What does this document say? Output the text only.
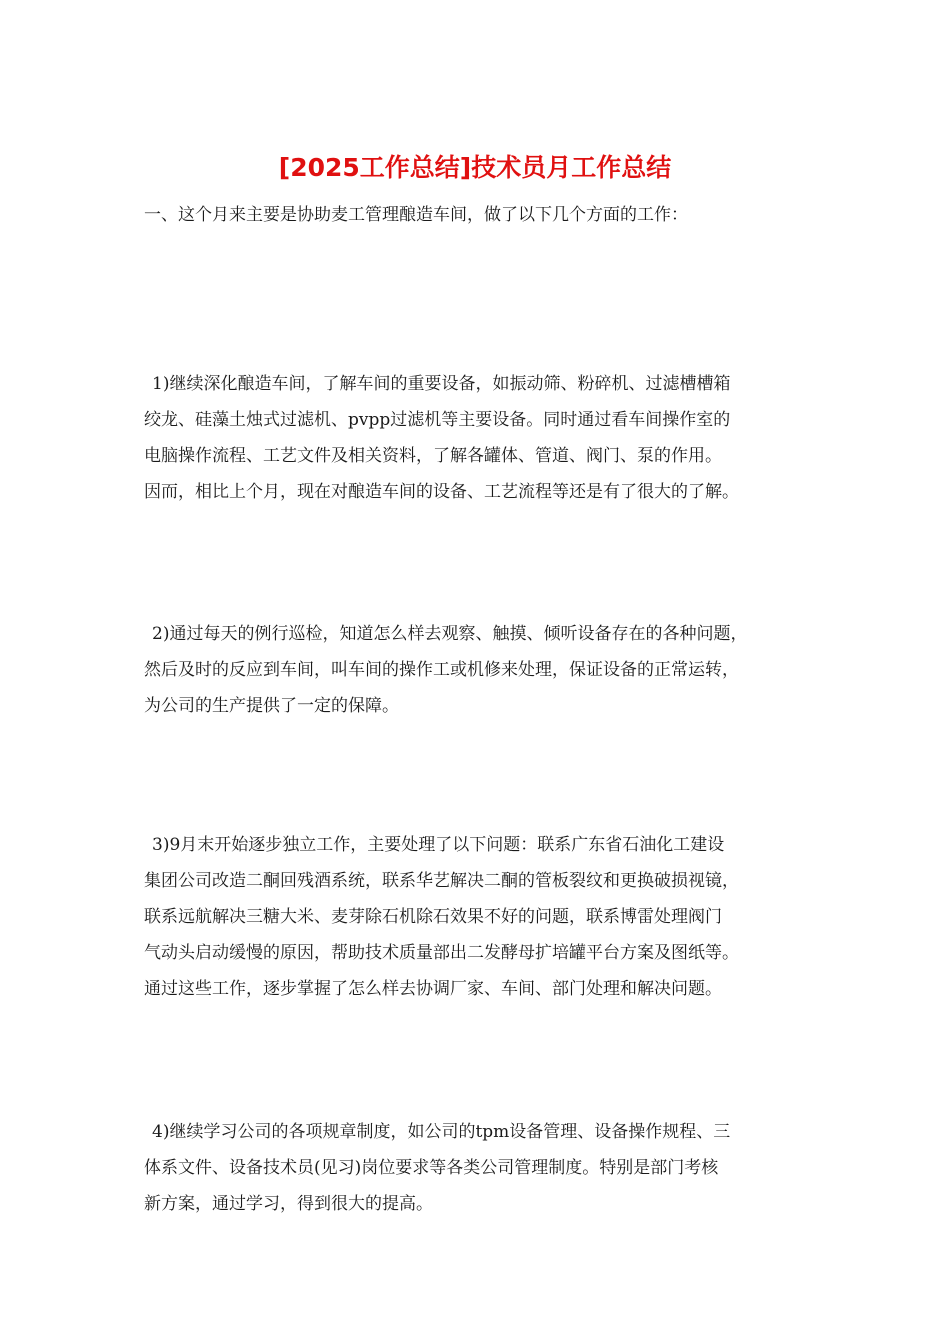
[2025工作总结]技术员月工作总结
一、这个月来主要是协助麦工管理酿造车间，做了以下几个方面的工作：
1)继续深化酿造车间，了解车间的重要设备，如振动筛、粉碎机、过滤槽槽箱
绞龙、硅藻土烛式过滤机、pvpp过滤机等主要设备。同时通过看车间操作室的
电脑操作流程、工艺文件及相关资料，了解各罐体、管道、阀门、泵的作用。
因而，相比上个月，现在对酿造车间的设备、工艺流程等还是有了很大的了解。
2)通过每天的例行巡检，知道怎么样去观察、触摸、倾听设备存在的各种问题，
然后及时的反应到车间，叫车间的操作工或机修来处理，保证设备的正常运转，
为公司的生产提供了一定的保障。
3)9月末开始逐步独立工作，主要处理了以下问题：联系广东省石油化工建设
集团公司改造二酮回残酒系统，联系华艺解决二酮的管板裂纹和更换破损视镜，
联系远航解决三糖大米、麦芽除石机除石效果不好的问题，联系博雷处理阀门
气动头启动缓慢的原因，帮助技术质量部出二发酵母扩培罐平台方案及图纸等。
通过这些工作，逐步掌握了怎么样去协调厂家、车间、部门处理和解决问题。
4)继续学习公司的各项规章制度，如公司的tpm设备管理、设备操作规程、三
体系文件、设备技术员(见习)岗位要求等各类公司管理制度。特别是部门考核
新方案，通过学习，得到很大的提高。
